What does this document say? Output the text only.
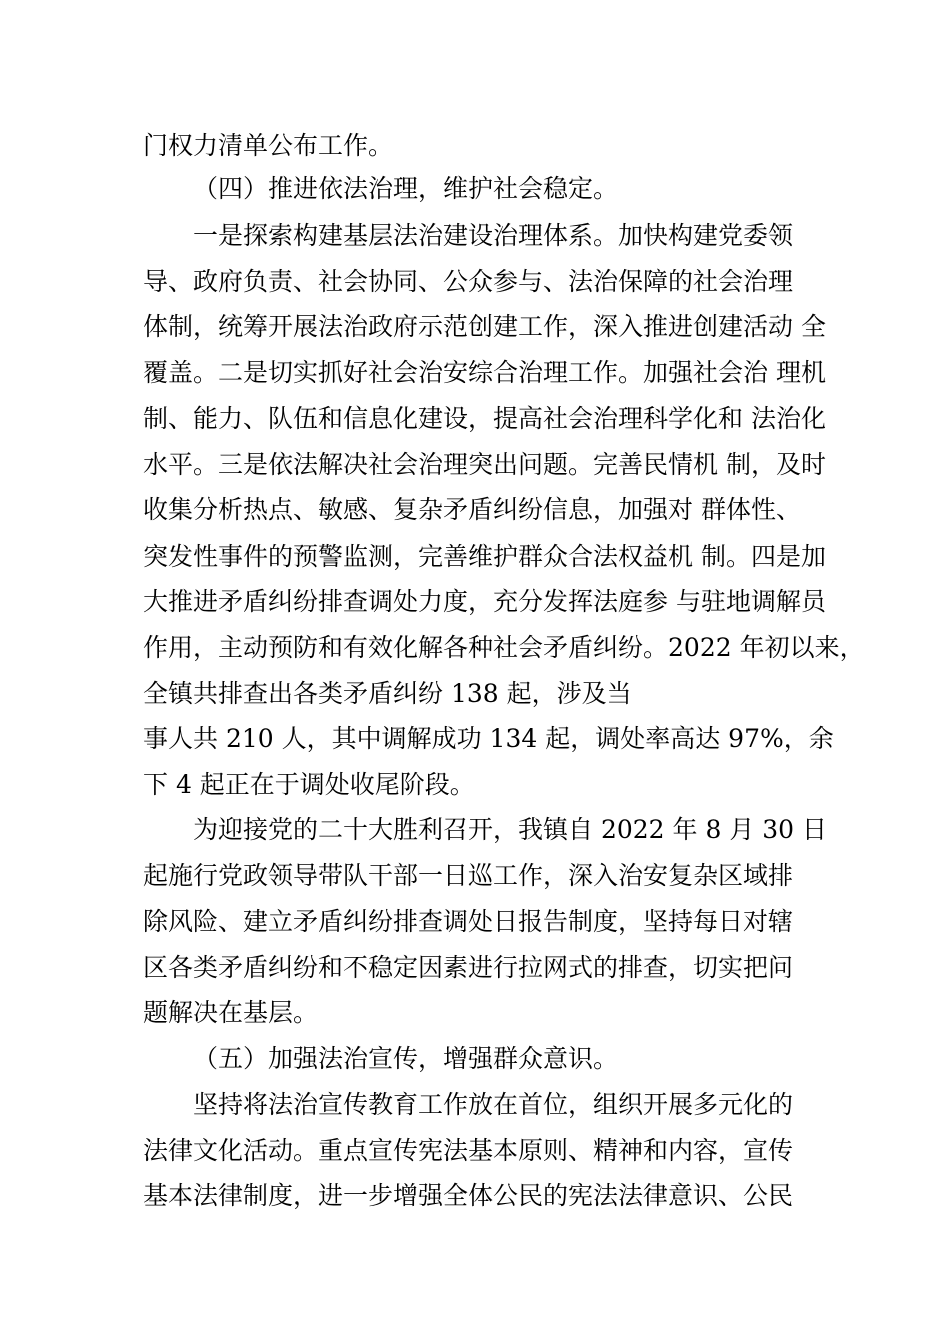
门权力清单公布工作。

（四）推进依法治理，维护社会稳定。

一是探索构建基层法治建设治理体系。加快构建党委领

导、政府负责、社会协同、公众参与、法治保障的社会治理

体制，统筹开展法治政府示范创建工作，深入推进创建活动 全

覆盖。二是切实抓好社会治安综合治理工作。加强社会治 理机

制、能力、队伍和信息化建设，提高社会治理科学化和 法治化

水平。三是依法解决社会治理突出问题。完善民情机 制，及时

收集分析热点、敏感、复杂矛盾纠纷信息，加强对 群体性、

突发性事件的预警监测，完善维护群众合法权益机 制。四是加

大推进矛盾纠纷排查调处力度，充分发挥法庭参 与驻地调解员

作用，主动预防和有效化解各种社会矛盾纠纷。2022 年初以来，

全镇共排查出各类矛盾纠纷 138 起，涉及当

事人共 210 人，其中调解成功 134 起，调处率高达 97%，余

下 4 起正在于调处收尾阶段。

为迎接党的二十大胜利召开，我镇自 2022 年 8 月 30 日

起施行党政领导带队干部一日巡工作，深入治安复杂区域排

除风险、建立矛盾纠纷排查调处日报告制度，坚持每日对辖

区各类矛盾纠纷和不稳定因素进行拉网式的排查，切实把问

题解决在基层。

（五）加强法治宣传，增强群众意识。

坚持将法治宣传教育工作放在首位，组织开展多元化的

法律文化活动。重点宣传宪法基本原则、精神和内容，宣传

基本法律制度，进一步增强全体公民的宪法法律意识、公民
